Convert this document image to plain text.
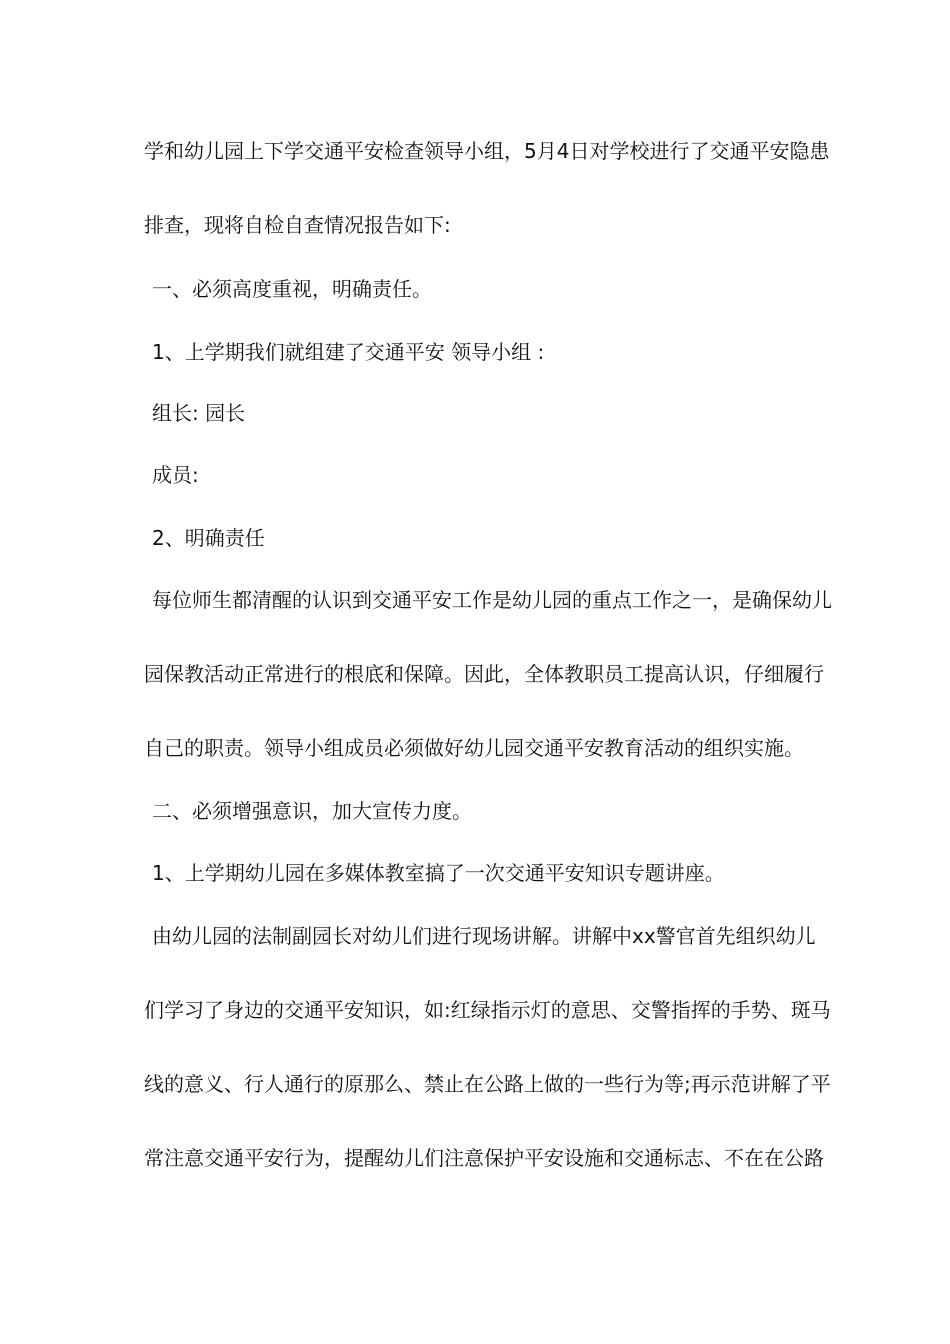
学和幼儿园上下学交通平安检查领导小组，5月4日对学校进行了交通平安隐患
排查，现将自检自查情况报告如下:
一、必须高度重视，明确责任。
1、上学期我们就组建了交通平安 领导小组 :
组长: 园长
成员:
2、明确责任
每位师生都清醒的认识到交通平安工作是幼儿园的重点工作之一，是确保幼儿
园保教活动正常进行的根底和保障。因此，全体教职员工提高认识，仔细履行
自己的职责。领导小组成员必须做好幼儿园交通平安教育活动的组织实施。
二、必须增强意识，加大宣传力度。
1、上学期幼儿园在多媒体教室搞了一次交通平安知识专题讲座。
由幼儿园的法制副园长对幼儿们进行现场讲解。讲解中xx警官首先组织幼儿
们学习了身边的交通平安知识，如:红绿指示灯的意思、交警指挥的手势、斑马
线的意义、行人通行的原那么、禁止在公路上做的一些行为等;再示范讲解了平
常注意交通平安行为，提醒幼儿们注意保护平安设施和交通标志、不在在公路
